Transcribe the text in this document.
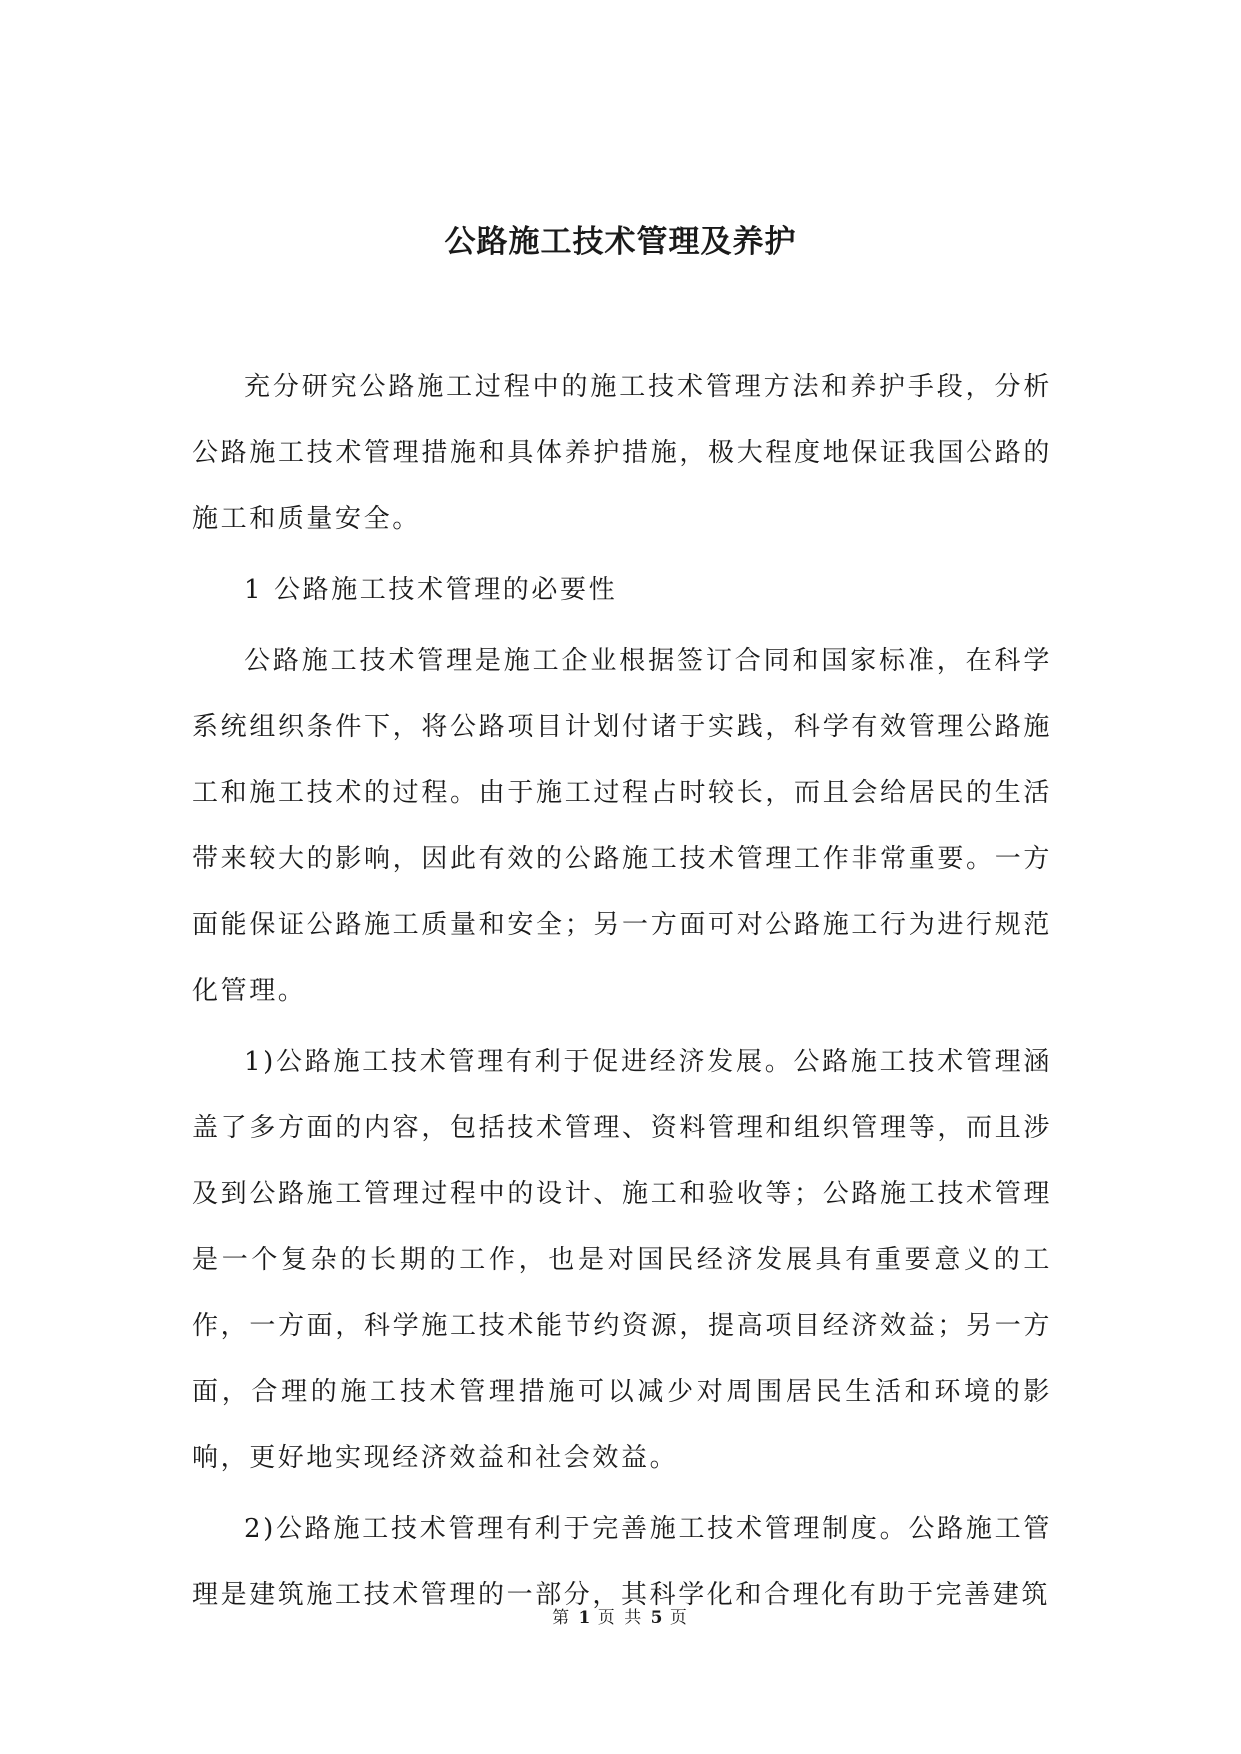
公路施工技术管理及养护

充分研究公路施工过程中的施工技术管理方法和养护手段，分析公路施工技术管理措施和具体养护措施，极大程度地保证我国公路的施工和质量安全。

1 公路施工技术管理的必要性

公路施工技术管理是施工企业根据签订合同和国家标准，在科学系统组织条件下，将公路项目计划付诸于实践，科学有效管理公路施工和施工技术的过程。由于施工过程占时较长，而且会给居民的生活带来较大的影响，因此有效的公路施工技术管理工作非常重要。一方面能保证公路施工质量和安全；另一方面可对公路施工行为进行规范化管理。

1)公路施工技术管理有利于促进经济发展。公路施工技术管理涵盖了多方面的内容，包括技术管理、资料管理和组织管理等，而且涉及到公路施工管理过程中的设计、施工和验收等；公路施工技术管理是一个复杂的长期的工作，也是对国民经济发展具有重要意义的工作，一方面，科学施工技术能节约资源，提高项目经济效益；另一方面，合理的施工技术管理措施可以减少对周围居民生活和环境的影响，更好地实现经济效益和社会效益。

2)公路施工技术管理有利于完善施工技术管理制度。公路施工管理是建筑施工技术管理的一部分，其科学化和合理化有助于完善建筑

第 1 页 共 5 页
